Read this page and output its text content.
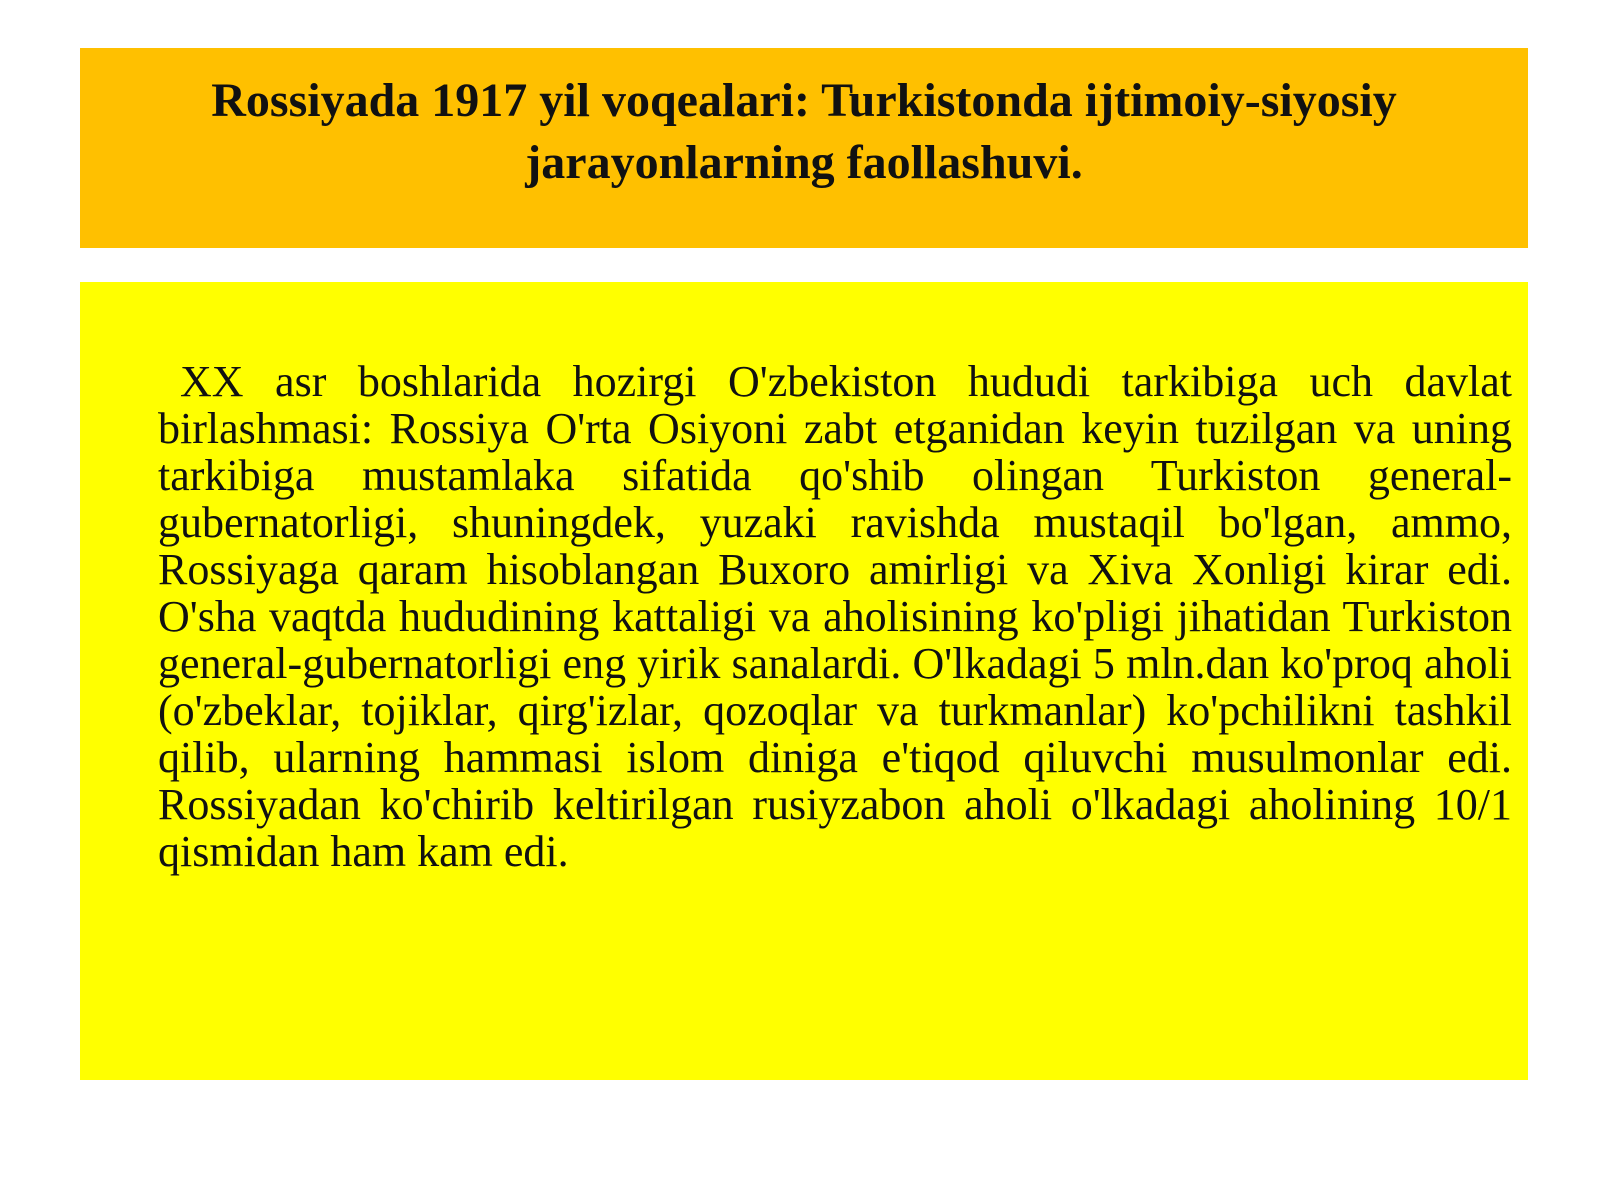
Rossiyada 1917 yil voqealari: Turkistonda ijtimoiy-siyosiy jarayonlarning faollashuvi.

XX asr boshlarida hozirgi O'zbekiston hududi tarkibiga uch davlat birlashmasi: Rossiya O'rta Osiyoni zabt etganidan keyin tuzilgan va uning tarkibiga mustamlaka sifatida qo'shib olingan Turkiston general-gubernatorligi, shuningdek, yuzaki ravishda mustaqil bo'lgan, ammo, Rossiyaga qaram hisoblangan Buxoro amirligi va Xiva Xonligi kirar edi. O'sha vaqtda hududining kattaligi va aholisining ko'pligi jihatidan Turkiston general-gubernatorligi eng yirik sanalardi. O'lkadagi 5 mln.dan ko'proq aholi (o'zbeklar, tojiklar, qirg'izlar, qozoqlar va turkmanlar) ko'pchilikni tashkil qilib, ularning hammasi islom diniga e'tiqod qiluvchi musulmonlar edi. Rossiyadan ko'chirib keltirilgan rusiyzabon aholi o'lkadagi aholining 10/1 qismidan ham kam edi.
